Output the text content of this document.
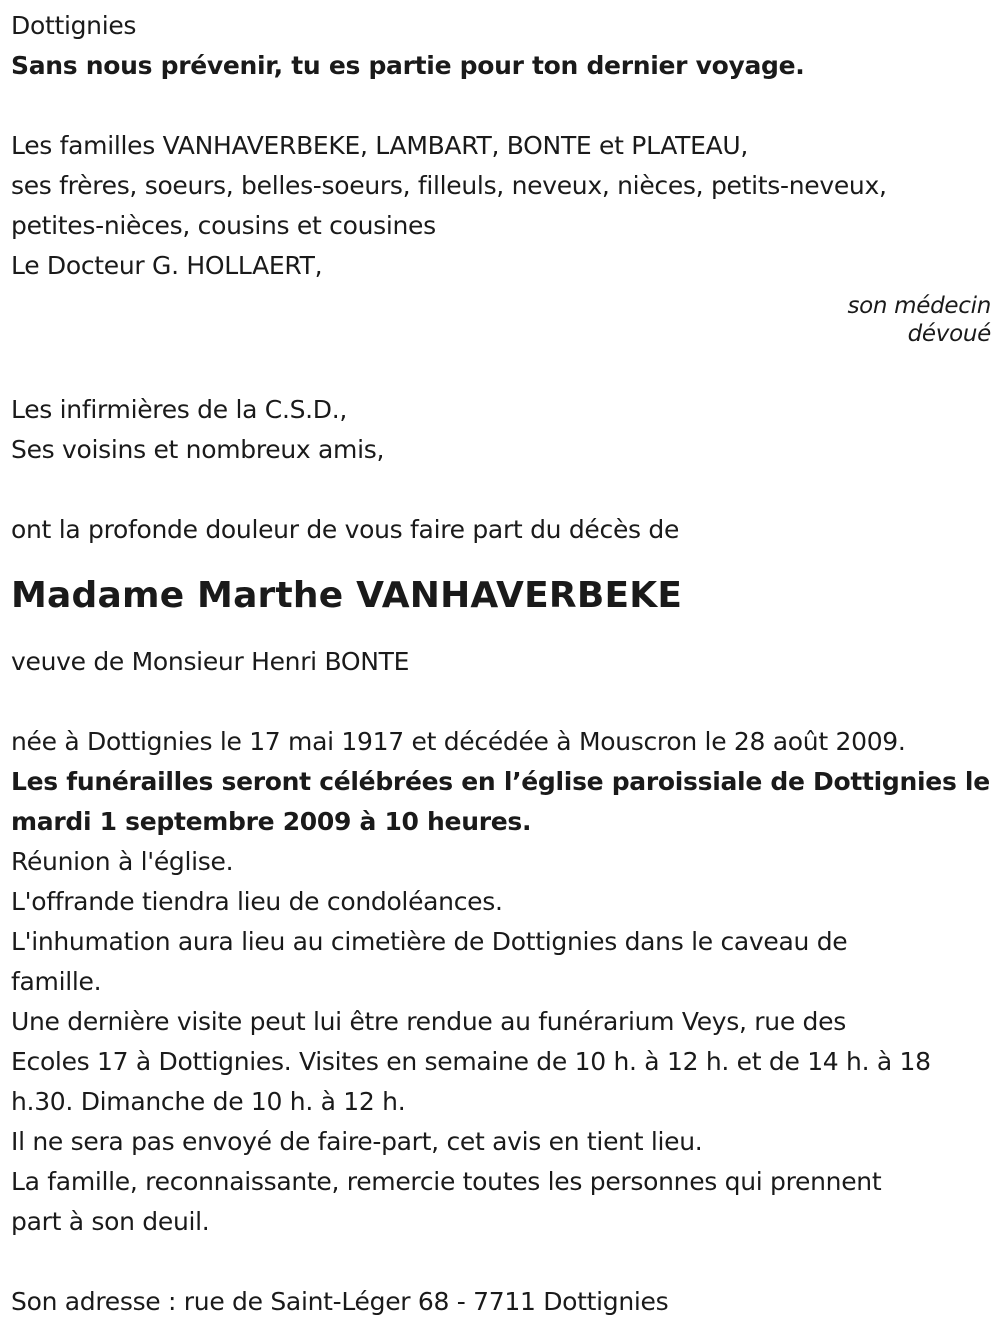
Dottignies
Sans nous prévenir, tu es partie pour ton dernier voyage.
Les familles VANHAVERBEKE, LAMBART, BONTE et PLATEAU,
ses frères, soeurs, belles-soeurs, filleuls, neveux, nièces, petits-neveux,
petites-nièces, cousins et cousines
Le Docteur G. HOLLAERT,
son médecin
dévoué
Les infirmières de la C.S.D.,
Ses voisins et nombreux amis,
ont la profonde douleur de vous faire part du décès de
Madame Marthe VANHAVERBEKE
veuve de Monsieur Henri BONTE
née à Dottignies le 17 mai 1917 et décédée à Mouscron le 28 août 2009.
Les funérailles seront célébrées en l’église paroissiale de Dottignies le
mardi 1 septembre 2009 à 10 heures.
Réunion à l'église.
L'offrande tiendra lieu de condoléances.
L'inhumation aura lieu au cimetière de Dottignies dans le caveau de
famille.
Une dernière visite peut lui être rendue au funérarium Veys, rue des
Ecoles 17 à Dottignies. Visites en semaine de 10 h. à 12 h. et de 14 h. à 18
h.30. Dimanche de 10 h. à 12 h.
Il ne sera pas envoyé de faire-part, cet avis en tient lieu.
La famille, reconnaissante, remercie toutes les personnes qui prennent
part à son deuil.
Son adresse : rue de Saint-Léger 68 - 7711 Dottignies
